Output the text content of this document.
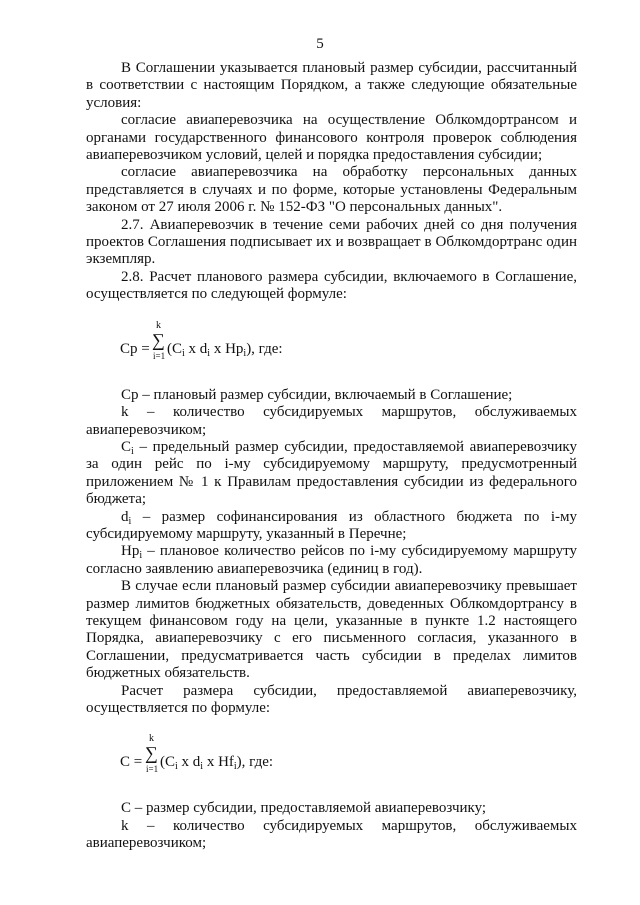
5

В Соглашении указывается плановый размер субсидии, рассчитанный в соответствии с настоящим Порядком, а также следующие обязательные условия:

согласие авиаперевозчика на осуществление Облкомдортрансом и органами государственного финансового контроля проверок соблюдения авиаперевозчиком условий, целей и порядка предоставления субсидии;

согласие авиаперевозчика на обработку персональных данных представляется в случаях и по форме, которые установлены Федеральным законом от 27 июля 2006 г. № 152-ФЗ "О персональных данных".

2.7. Авиаперевозчик в течение семи рабочих дней со дня получения проектов Соглашения подписывает их и возвращает в Облкомдортранс один экземпляр.

2.8. Расчет планового размера субсидии, включаемого в Соглашение, осуществляется по следующей формуле:

Ср =
k
∑
i=1 ($C_i$ x $d_i$ x $Hp_i$), где:

Ср – плановый размер субсидии, включаемый в Соглашение;

k – количество субсидируемых маршрутов, обслуживаемых авиаперевозчиком;

$C_i$ – предельный размер субсидии, предоставляемой авиаперевозчику за один рейс по i-му субсидируемому маршруту, предусмотренный приложением № 1 к Правилам предоставления субсидии из федерального бюджета;

$d_i$ – размер софинансирования из областного бюджета по i-му субсидируемому маршруту, указанный в Перечне;

$Hp_i$ – плановое количество рейсов по i-му субсидируемому маршруту согласно заявлению авиаперевозчика (единиц в год).

В случае если плановый размер субсидии авиаперевозчику превышает размер лимитов бюджетных обязательств, доведенных Облкомдортрансу в текущем финансовом году на цели, указанные в пункте 1.2 настоящего Порядка, авиаперевозчику с его письменного согласия, указанного в Соглашении, предусматривается часть субсидии в пределах лимитов бюджетных обязательств.

Расчет размера субсидии, предоставляемой авиаперевозчику, осуществляется по формуле:

C =
k
∑
i=1 ($C_i$ x $d_i$ x $Hf_i$), где:

С – размер субсидии, предоставляемой авиаперевозчику;

k – количество субсидируемых маршрутов, обслуживаемых авиаперевозчиком;
